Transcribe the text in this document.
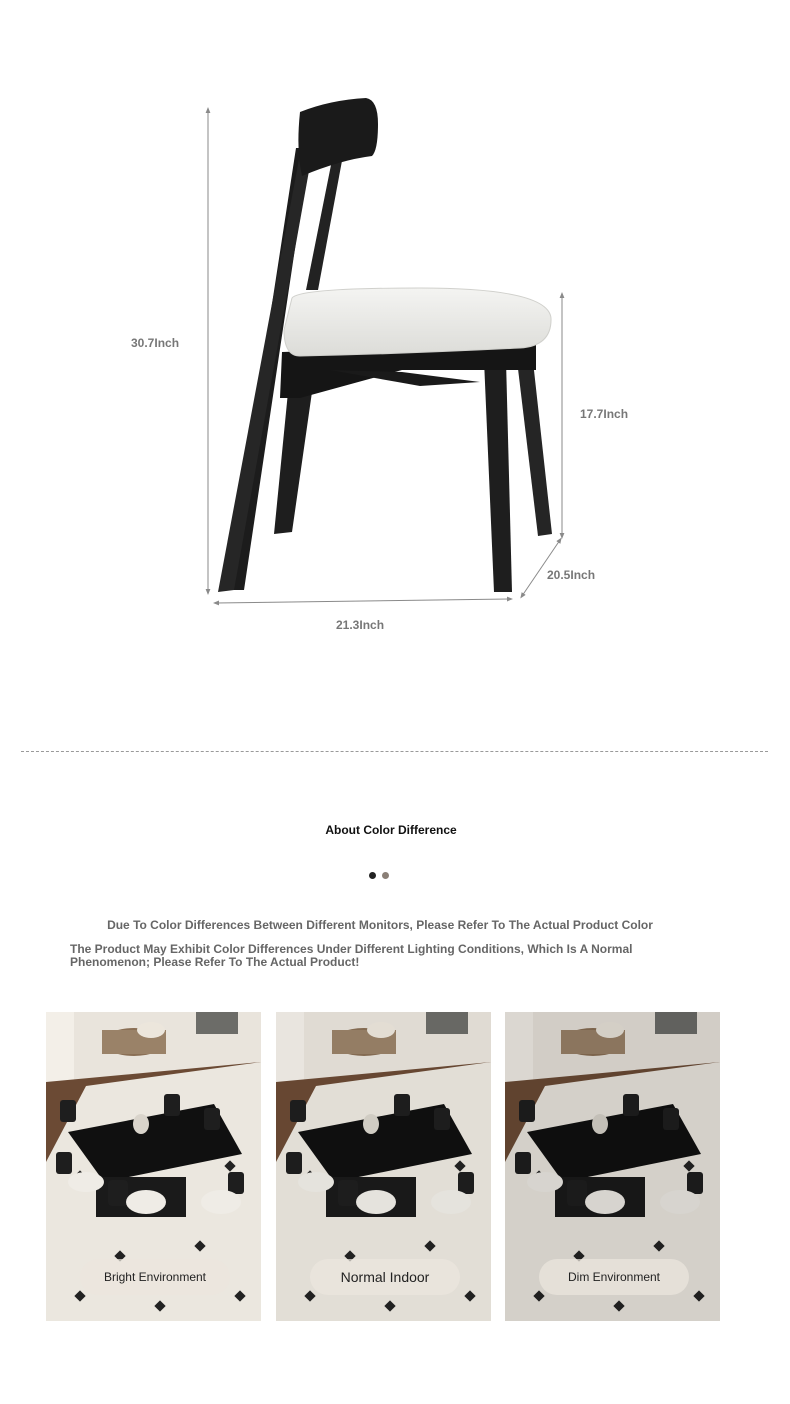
30.7Inch
17.7Inch
20.5Inch
21.3Inch
About Color Difference
Due To Color Differences Between Different Monitors, Please Refer To The Actual Product Color
The Product May Exhibit Color Differences Under Different Lighting Conditions, Which Is A Normal Phenomenon; Please Refer To The Actual Product!
Bright Environment	Normal Indoor	Dim Environment
